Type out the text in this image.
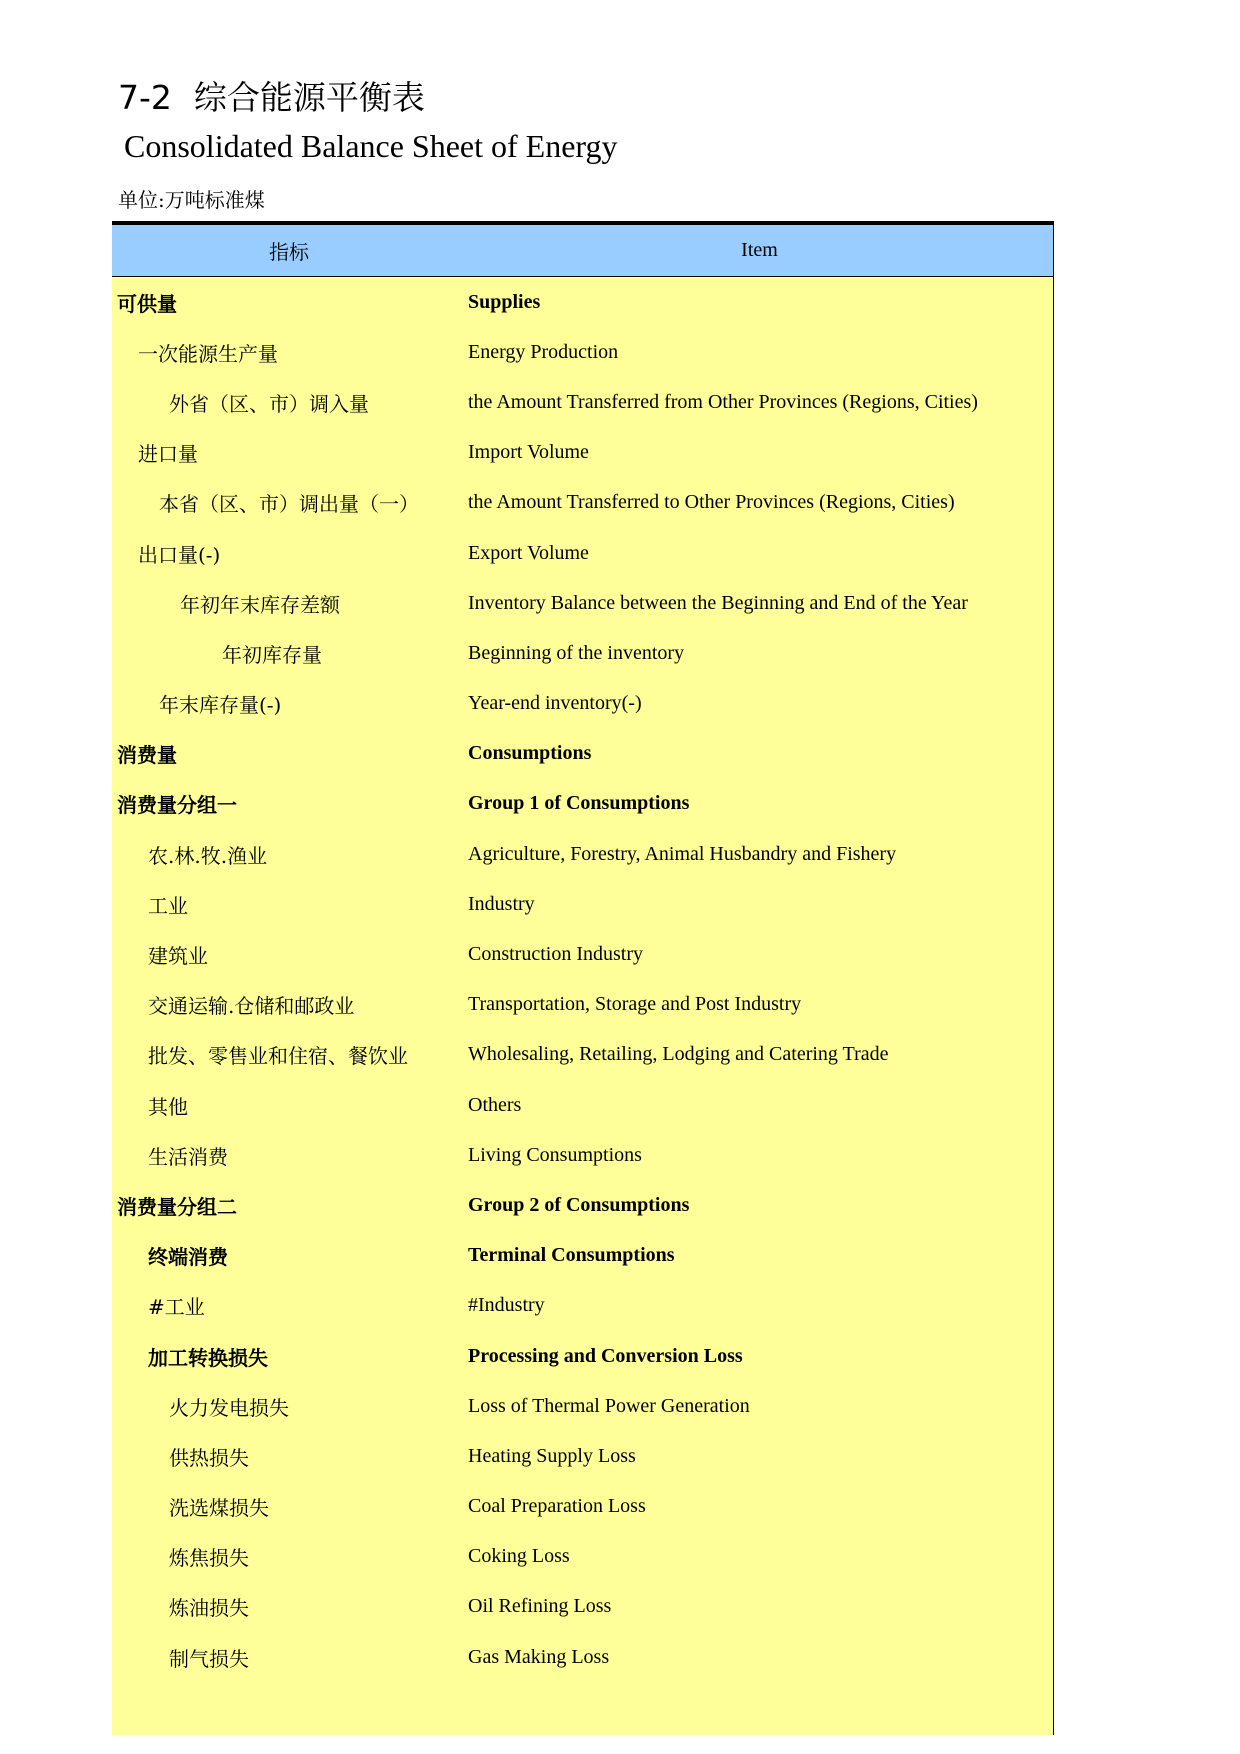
7-2 综合能源平衡表
Consolidated Balance Sheet of Energy
单位:万吨标准煤
指标	Item
可供量	Supplies
一次能源生产量	Energy Production
外省（区、市）调入量	the Amount Transferred from Other Provinces (Regions, Cities)
进口量	Import Volume
本省（区、市）调出量（一）	the Amount Transferred to Other Provinces (Regions, Cities)
出口量(-)	Export Volume
年初年末库存差额	Inventory Balance between the Beginning and End of the Year
年初库存量	Beginning of the inventory
年末库存量(-)	Year-end inventory(-)
消费量	Consumptions
消费量分组一	Group 1 of Consumptions
农.林.牧.渔业	Agriculture, Forestry, Animal Husbandry and Fishery
工业	Industry
建筑业	Construction Industry
交通运输.仓储和邮政业	Transportation, Storage and Post Industry
批发、零售业和住宿、餐饮业	Wholesaling, Retailing, Lodging and Catering Trade
其他	Others
生活消费	Living Consumptions
消费量分组二	Group 2 of Consumptions
终端消费	Terminal Consumptions
#工业	#Industry
加工转换损失	Processing and Conversion Loss
火力发电损失	Loss of Thermal Power Generation
供热损失	Heating Supply Loss
洗选煤损失	Coal Preparation Loss
炼焦损失	Coking Loss
炼油损失	Oil Refining Loss
制气损失	Gas Making Loss
